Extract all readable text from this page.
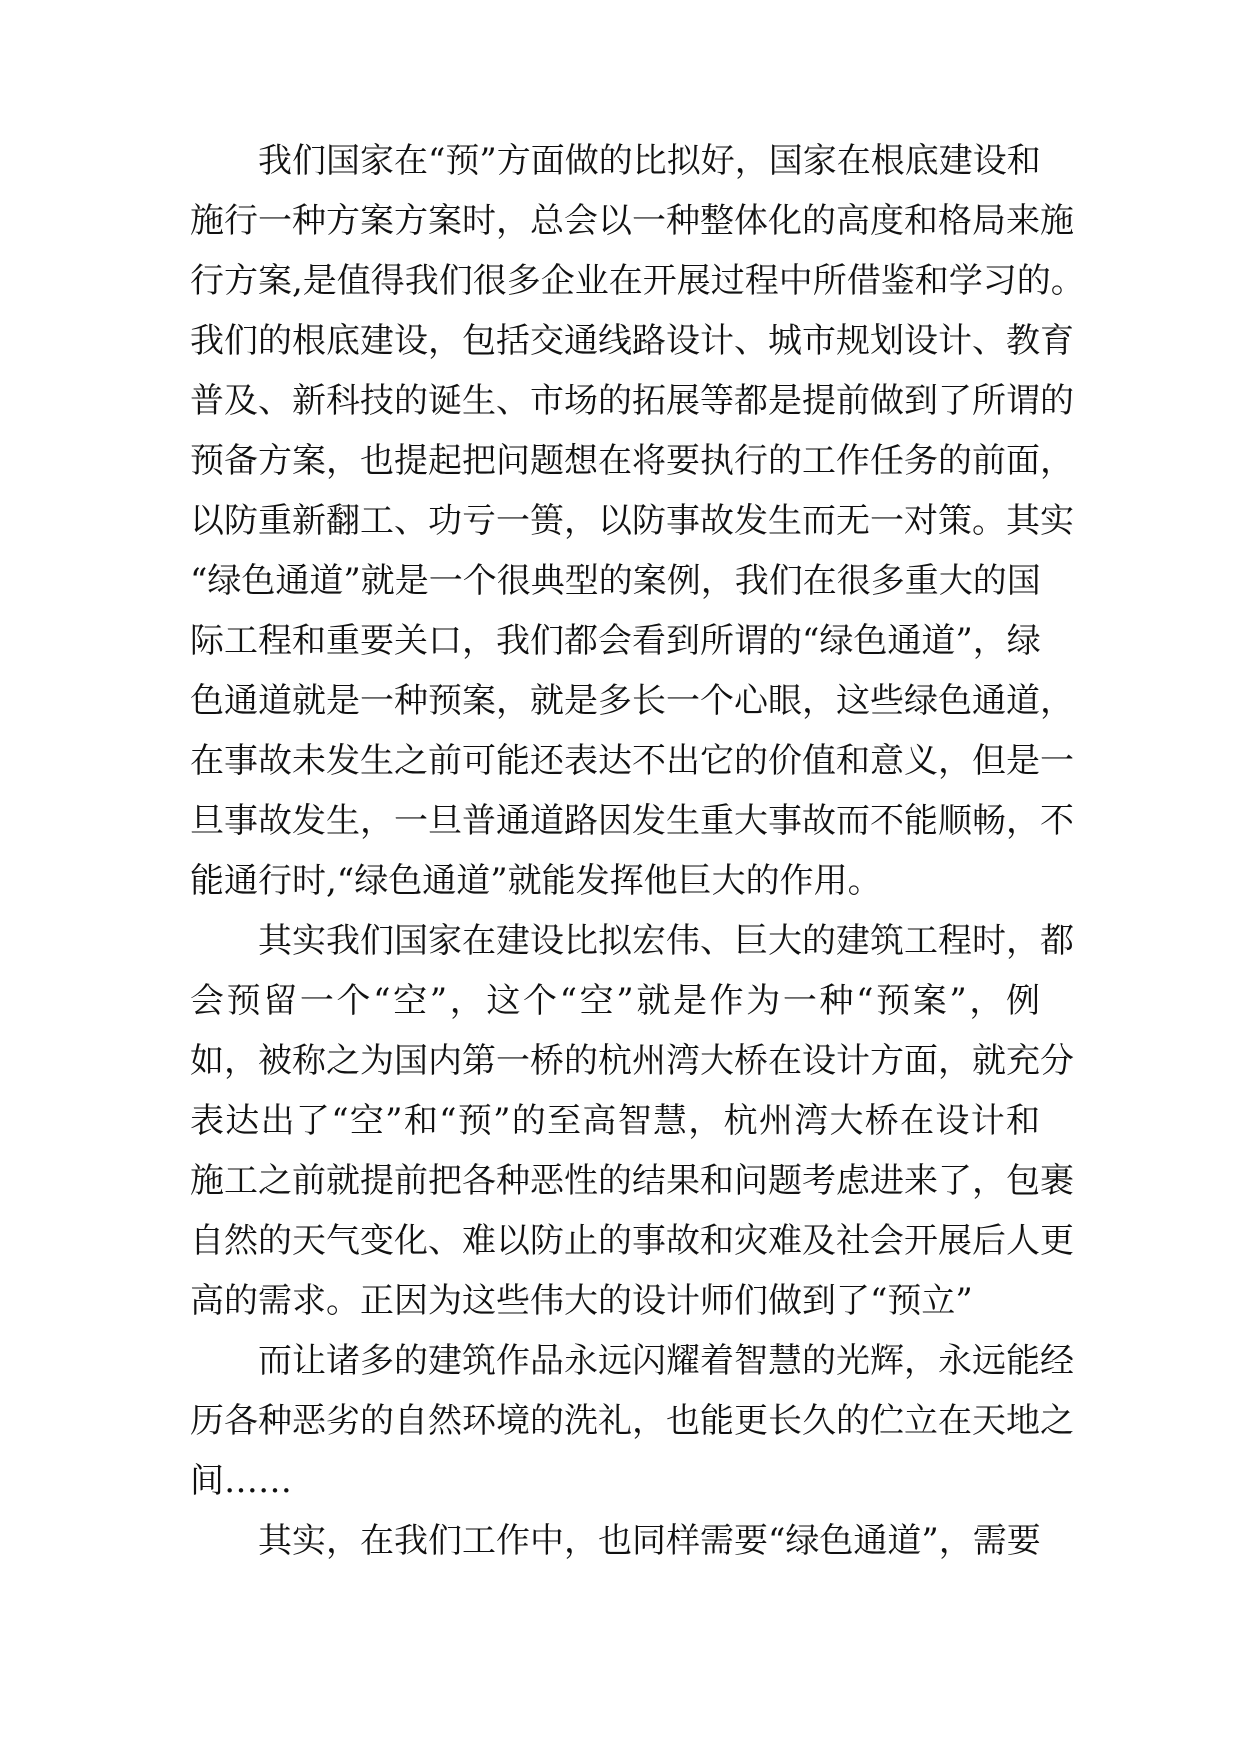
我们国家在“预”方面做的比拟好，国家在根底建设和
施行一种方案方案时，总会以一种整体化的高度和格局来施
行方案,是值得我们很多企业在开展过程中所借鉴和学习的。
我们的根底建设，包括交通线路设计、城市规划设计、教育
普及、新科技的诞生、市场的拓展等都是提前做到了所谓的
预备方案，也提起把问题想在将要执行的工作任务的前面，
以防重新翻工、功亏一篑，以防事故发生而无一对策。其实
“绿色通道”就是一个很典型的案例，我们在很多重大的国
际工程和重要关口，我们都会看到所谓的“绿色通道”，绿
色通道就是一种预案，就是多长一个心眼，这些绿色通道，
在事故未发生之前可能还表达不出它的价值和意义，但是一
旦事故发生，一旦普通道路因发生重大事故而不能顺畅，不
能通行时,“绿色通道”就能发挥他巨大的作用。
其实我们国家在建设比拟宏伟、巨大的建筑工程时，都
会预留一个“空”，这个“空”就是作为一种“预案”，例
如，被称之为国内第一桥的杭州湾大桥在设计方面，就充分
表达出了“空”和“预”的至高智慧，杭州湾大桥在设计和
施工之前就提前把各种恶性的结果和问题考虑进来了，包裹
自然的天气变化、难以防止的事故和灾难及社会开展后人更
高的需求。正因为这些伟大的设计师们做到了“预立”
而让诸多的建筑作品永远闪耀着智慧的光辉，永远能经
历各种恶劣的自然环境的洗礼，也能更长久的伫立在天地之
间……
其实，在我们工作中，也同样需要“绿色通道”，需要
